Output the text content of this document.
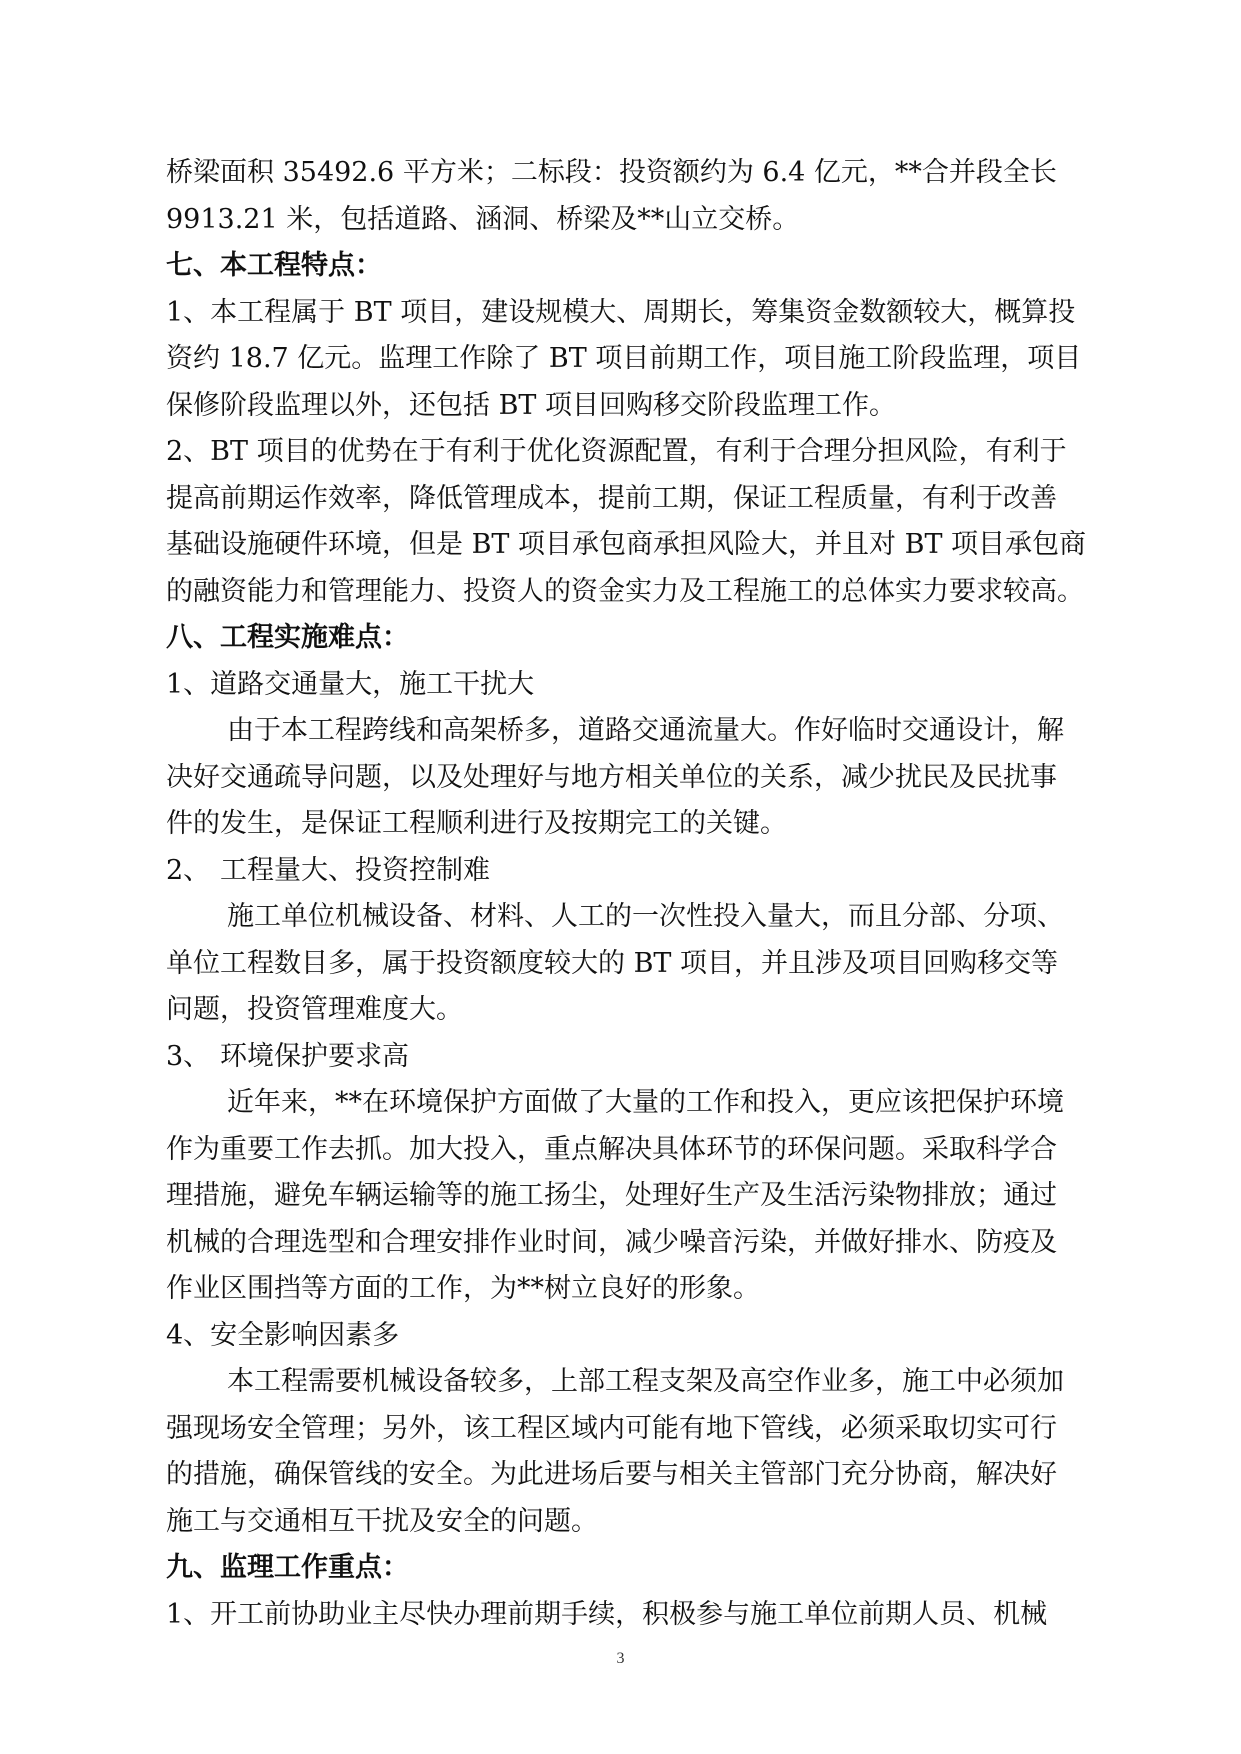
桥梁面积 35492.6 平方米；二标段：投资额约为 6.4 亿元，**合并段全长
9913.21 米，包括道路、涵洞、桥梁及**山立交桥。
七、本工程特点：
1、本工程属于 BT 项目，建设规模大、周期长，筹集资金数额较大，概算投
资约 18.7 亿元。监理工作除了 BT 项目前期工作，项目施工阶段监理，项目
保修阶段监理以外，还包括 BT 项目回购移交阶段监理工作。
2、BT 项目的优势在于有利于优化资源配置，有利于合理分担风险，有利于
提高前期运作效率，降低管理成本，提前工期，保证工程质量，有利于改善
基础设施硬件环境，但是 BT 项目承包商承担风险大，并且对 BT 项目承包商
的融资能力和管理能力、投资人的资金实力及工程施工的总体实力要求较高。
八、工程实施难点：
1、道路交通量大，施工干扰大
由于本工程跨线和高架桥多，道路交通流量大。作好临时交通设计，解
决好交通疏导问题，以及处理好与地方相关单位的关系，减少扰民及民扰事
件的发生，是保证工程顺利进行及按期完工的关键。
2、 工程量大、投资控制难
施工单位机械设备、材料、人工的一次性投入量大，而且分部、分项、
单位工程数目多，属于投资额度较大的 BT 项目，并且涉及项目回购移交等
问题，投资管理难度大。
3、 环境保护要求高
近年来，**在环境保护方面做了大量的工作和投入，更应该把保护环境
作为重要工作去抓。加大投入，重点解决具体环节的环保问题。采取科学合
理措施，避免车辆运输等的施工扬尘，处理好生产及生活污染物排放；通过
机械的合理选型和合理安排作业时间，减少噪音污染，并做好排水、防疫及
作业区围挡等方面的工作，为**树立良好的形象。
4、安全影响因素多
本工程需要机械设备较多，上部工程支架及高空作业多，施工中必须加
强现场安全管理；另外，该工程区域内可能有地下管线，必须采取切实可行
的措施，确保管线的安全。为此进场后要与相关主管部门充分协商，解决好
施工与交通相互干扰及安全的问题。
九、监理工作重点：
1、开工前协助业主尽快办理前期手续，积极参与施工单位前期人员、机械
3
